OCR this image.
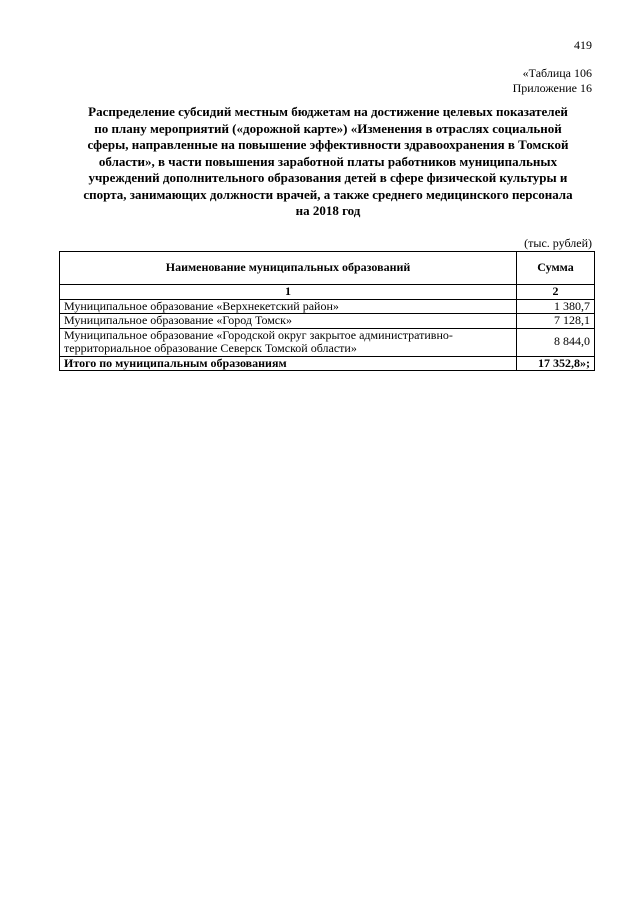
419
«Таблица 106
Приложение 16
Распределение субсидий местным бюджетам на достижение целевых показателей
по плану мероприятий («дорожной карте») «Изменения в отраслях социальной
сферы, направленные на повышение эффективности здравоохранения в Томской
области», в части повышения заработной платы работников муниципальных
учреждений дополнительного образования детей в сфере физической культуры и
спорта, занимающих должности врачей, а также среднего медицинского персонала
на 2018 год
(тыс. рублей)
Наименование муниципальных образований	Сумма
1	2

Муниципальное образование «Верхнекетский район»	1 380,7

Муниципальное образование «Город Томск»	7 128,1

Муниципальное образование «Городской округ закрытое административно-
территориальное образование Северск Томской области»	8 844,0
Итого по муниципальным образованиям	17 352,8»;
